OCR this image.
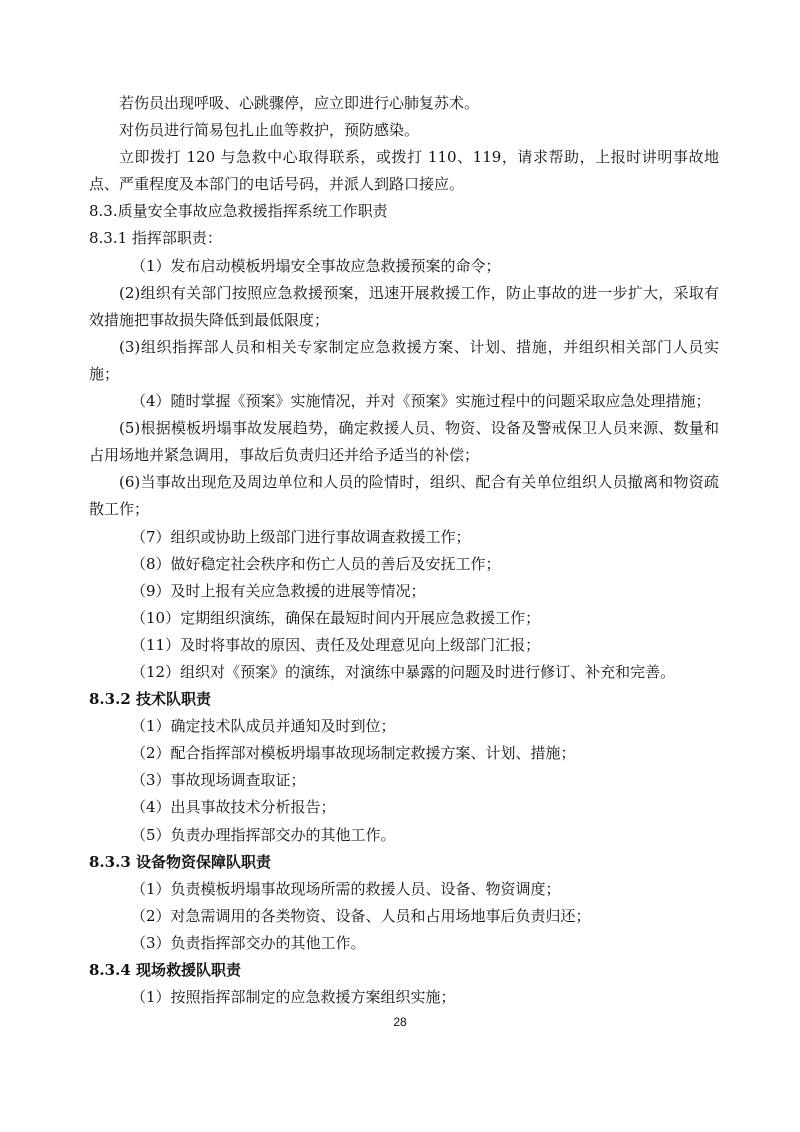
若伤员出现呼吸、心跳骤停，应立即进行心肺复苏术。

对伤员进行简易包扎止血等救护，预防感染。

立即拨打 120 与急救中心取得联系，或拨打 110、119，请求帮助，上报时讲明事故地点、严重程度及本部门的电话号码，并派人到路口接应。

8.3.质量安全事故应急救援指挥系统工作职责

8.3.1 指挥部职责：

（1）发布启动模板坍塌安全事故应急救援预案的命令；

(2)组织有关部门按照应急救援预案，迅速开展救援工作，防止事故的进一步扩大，采取有效措施把事故损失降低到最低限度；

(3)组织指挥部人员和相关专家制定应急救援方案、计划、措施，并组织相关部门人员实施；

（4）随时掌握《预案》实施情况，并对《预案》实施过程中的问题采取应急处理措施；

(5)根据模板坍塌事故发展趋势，确定救援人员、物资、设备及警戒保卫人员来源、数量和占用场地并紧急调用，事故后负责归还并给予适当的补偿；

(6)当事故出现危及周边单位和人员的险情时，组织、配合有关单位组织人员撤离和物资疏散工作；

（7）组织或协助上级部门进行事故调查救援工作；

（8）做好稳定社会秩序和伤亡人员的善后及安抚工作；

（9）及时上报有关应急救援的进展等情况；

（10）定期组织演练，确保在最短时间内开展应急救援工作；

（11）及时将事故的原因、责任及处理意见向上级部门汇报；

（12）组织对《预案》的演练，对演练中暴露的问题及时进行修订、补充和完善。

8.3.2 技术队职责

（1）确定技术队成员并通知及时到位；

（2）配合指挥部对模板坍塌事故现场制定救援方案、计划、措施；

（3）事故现场调查取证；

（4）出具事故技术分析报告；

（5）负责办理指挥部交办的其他工作。

8.3.3 设备物资保障队职责

（1）负责模板坍塌事故现场所需的救援人员、设备、物资调度；

（2）对急需调用的各类物资、设备、人员和占用场地事后负责归还；

（3）负责指挥部交办的其他工作。

8.3.4 现场救援队职责

（1）按照指挥部制定的应急救援方案组织实施；

28
